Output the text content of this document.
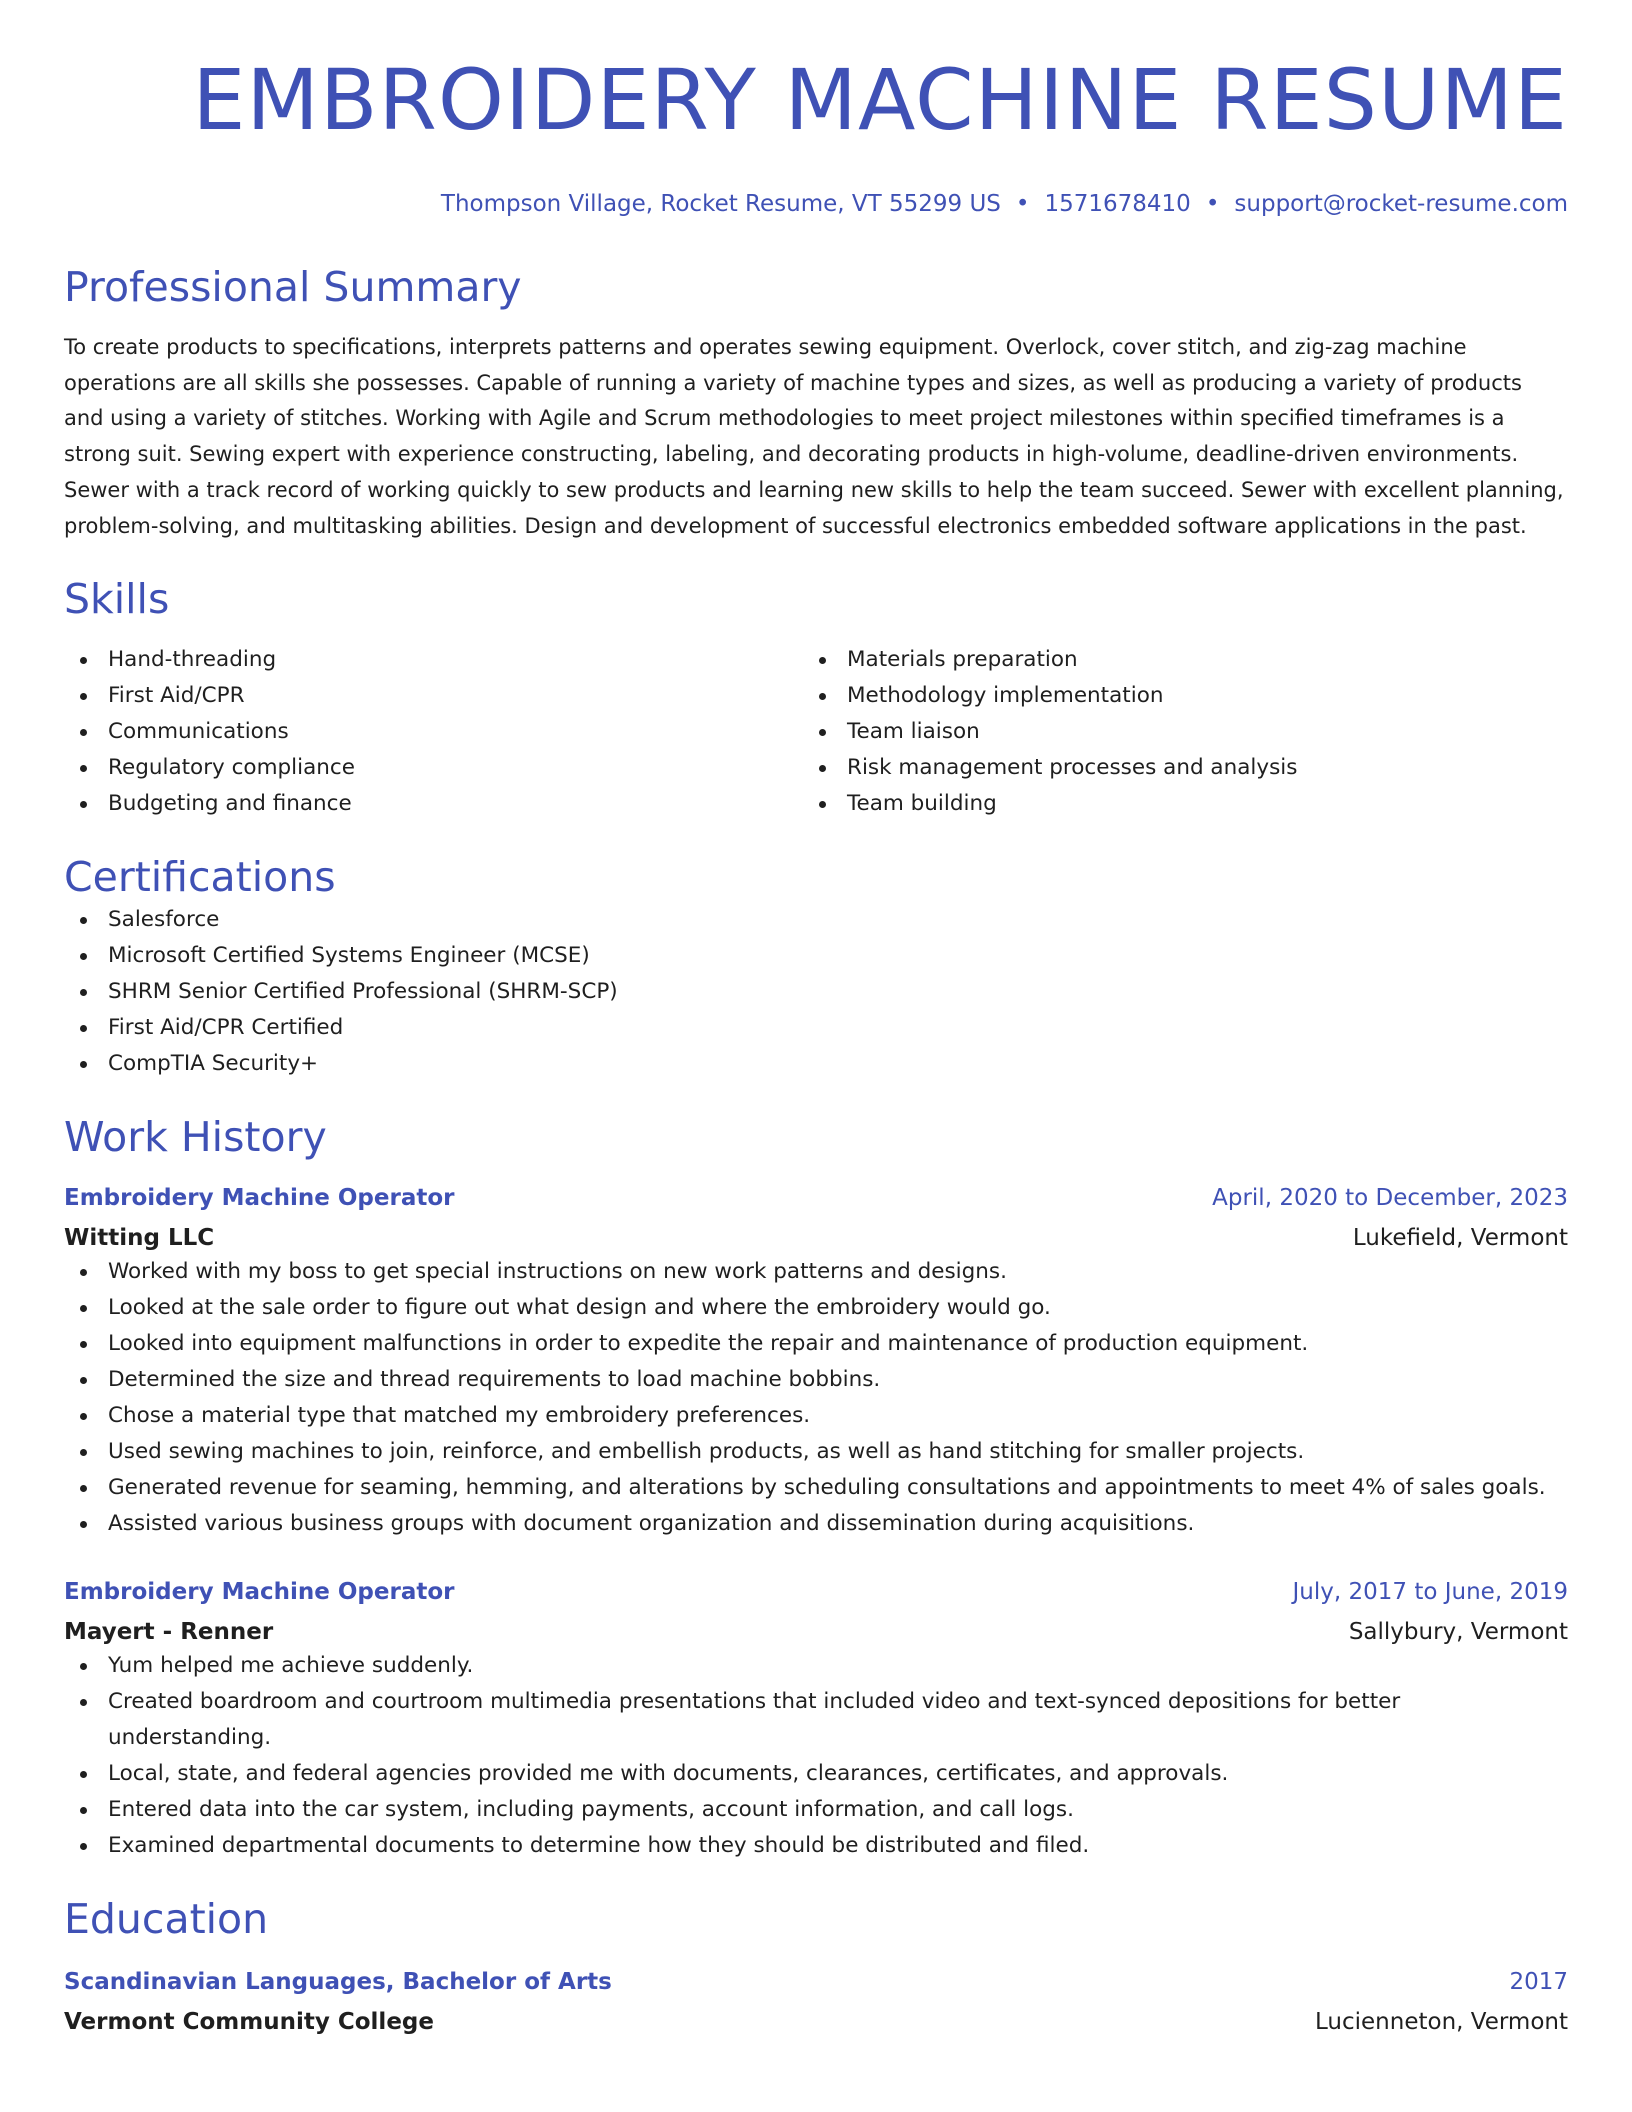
EMBROIDERY MACHINE RESUME
Thompson Village, Rocket Resume, VT 55299 US • 1571678410 • support@rocket-resume.com
Professional Summary
To create products to specifications, interprets patterns and operates sewing equipment. Overlock, cover stitch, and zig-zag machine operations are all skills she possesses. Capable of running a variety of machine types and sizes, as well as producing a variety of products and using a variety of stitches. Working with Agile and Scrum methodologies to meet project milestones within specified timeframes is a strong suit. Sewing expert with experience constructing, labeling, and decorating products in high-volume, deadline-driven environments. Sewer with a track record of working quickly to sew products and learning new skills to help the team succeed. Sewer with excellent planning, problem-solving, and multitasking abilities. Design and development of successful electronics embedded software applications in the past.
Skills
Hand-threading
First Aid/CPR
Communications
Regulatory compliance
Budgeting and finance
Materials preparation
Methodology implementation
Team liaison
Risk management processes and analysis
Team building
Certifications
Salesforce
Microsoft Certified Systems Engineer (MCSE)
SHRM Senior Certified Professional (SHRM-SCP)
First Aid/CPR Certified
CompTIA Security+
Work History
Embroidery Machine Operator	April, 2020 to December, 2023
Witting LLC	Lukefield, Vermont
Worked with my boss to get special instructions on new work patterns and designs.
Looked at the sale order to figure out what design and where the embroidery would go.
Looked into equipment malfunctions in order to expedite the repair and maintenance of production equipment.
Determined the size and thread requirements to load machine bobbins.
Chose a material type that matched my embroidery preferences.
Used sewing machines to join, reinforce, and embellish products, as well as hand stitching for smaller projects.
Generated revenue for seaming, hemming, and alterations by scheduling consultations and appointments to meet 4% of sales goals.
Assisted various business groups with document organization and dissemination during acquisitions.
Embroidery Machine Operator	July, 2017 to June, 2019
Mayert - Renner	Sallybury, Vermont
Yum helped me achieve suddenly.
Created boardroom and courtroom multimedia presentations that included video and text-synced depositions for better understanding.
Local, state, and federal agencies provided me with documents, clearances, certificates, and approvals.
Entered data into the car system, including payments, account information, and call logs.
Examined departmental documents to determine how they should be distributed and filed.
Education
Scandinavian Languages, Bachelor of Arts	2017
Vermont Community College	Lucienneton, Vermont
